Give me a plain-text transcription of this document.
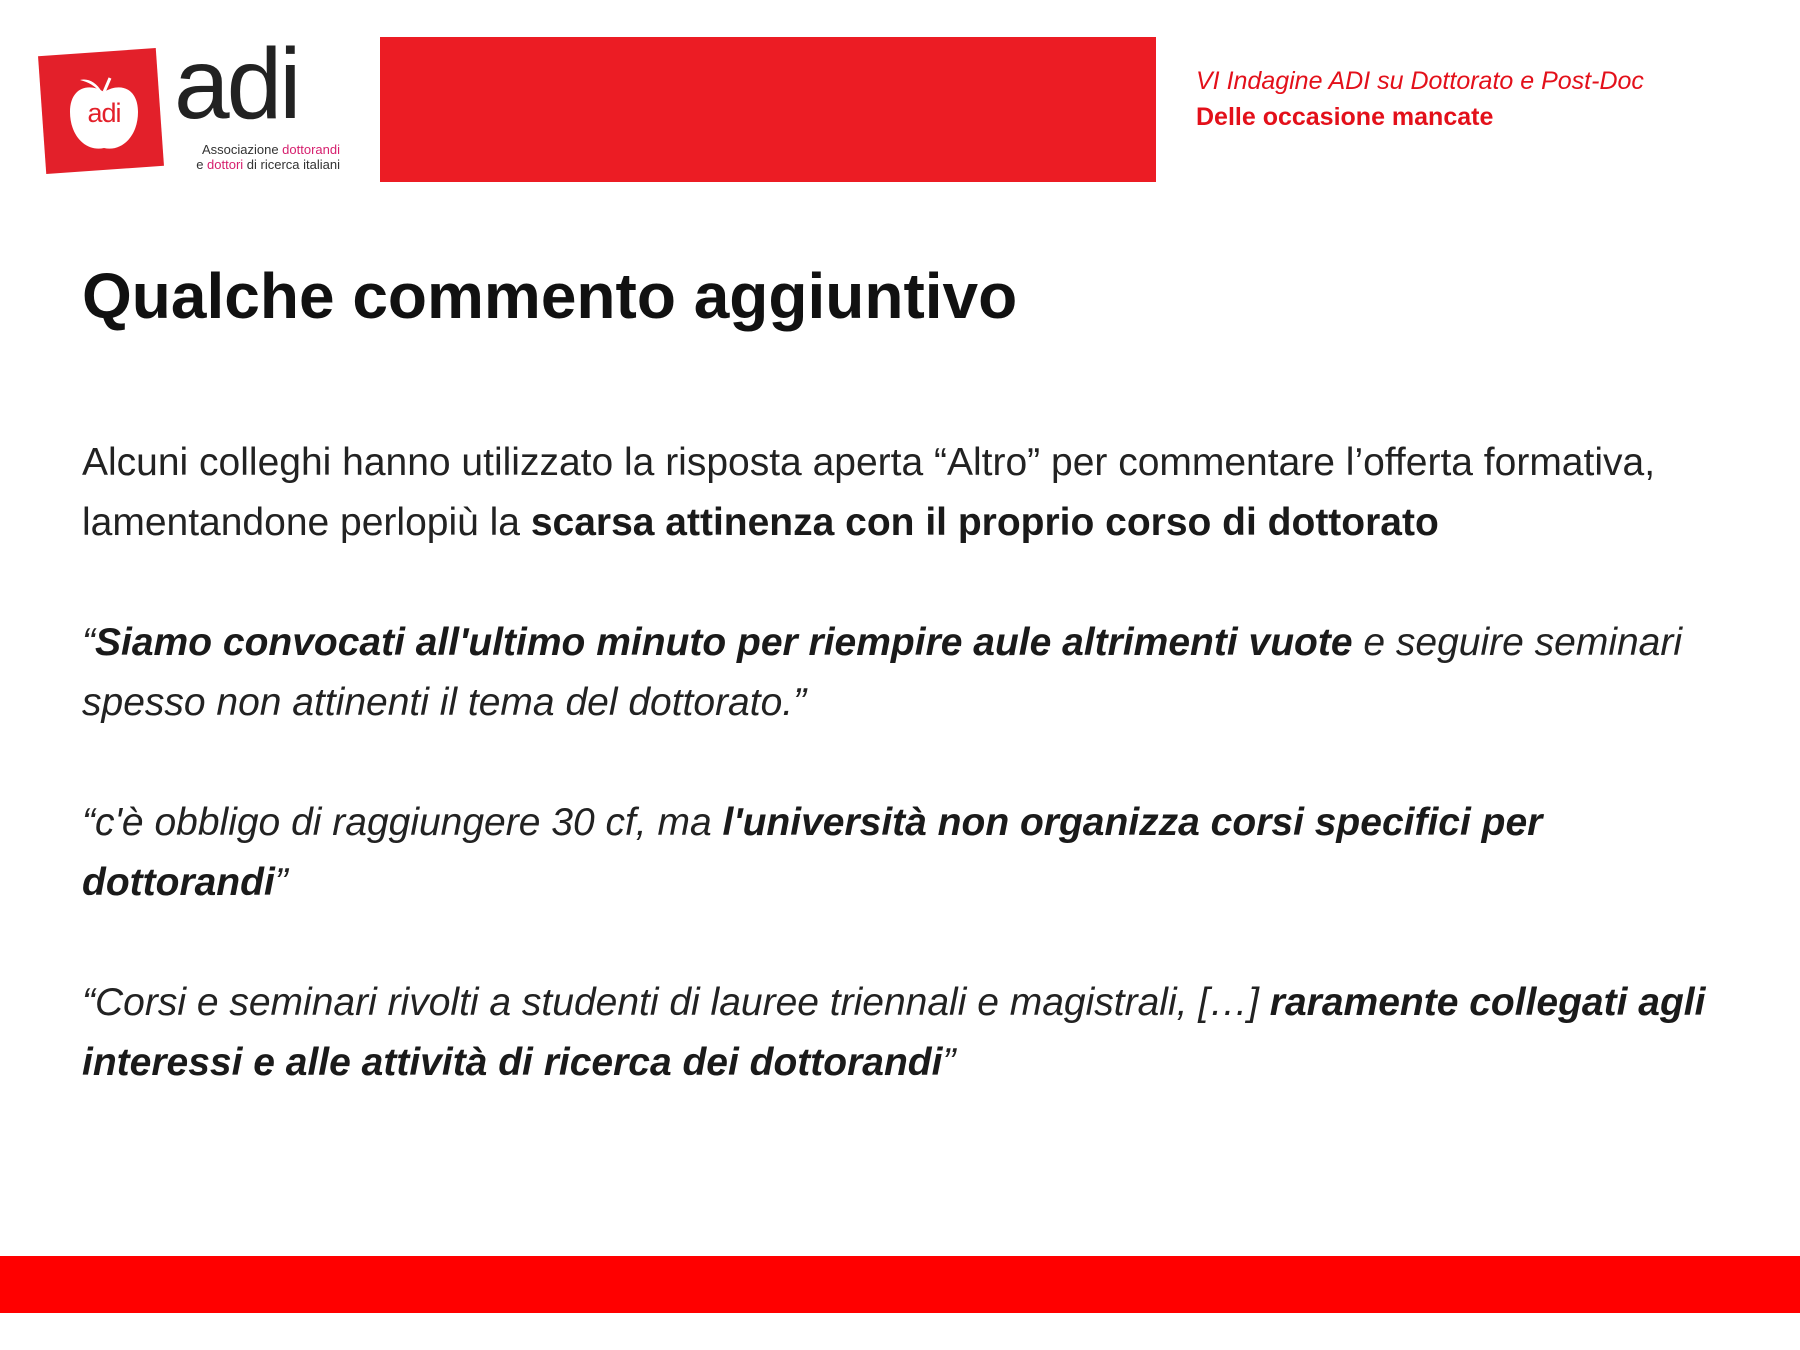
adi adi
Associazione dottorandi
e dottori di ricerca italiani
VI Indagine ADI su Dottorato e Post-Doc
Delle occasione mancate
Qualche commento aggiuntivo

Alcuni colleghi hanno utilizzato la risposta aperta “Altro” per commentare l’offerta formativa, lamentandone perlopiù la scarsa attinenza con il proprio corso di dottorato

“Siamo convocati all'ultimo minuto per riempire aule altrimenti vuote e seguire seminari spesso non attinenti il tema del dottorato.”

“c'è obbligo di raggiungere 30 cf, ma l'università non organizza corsi specifici per dottorandi”

“Corsi e seminari rivolti a studenti di lauree triennali e magistrali, […] raramente collegati agli interessi e alle attività di ricerca dei dottorandi”
